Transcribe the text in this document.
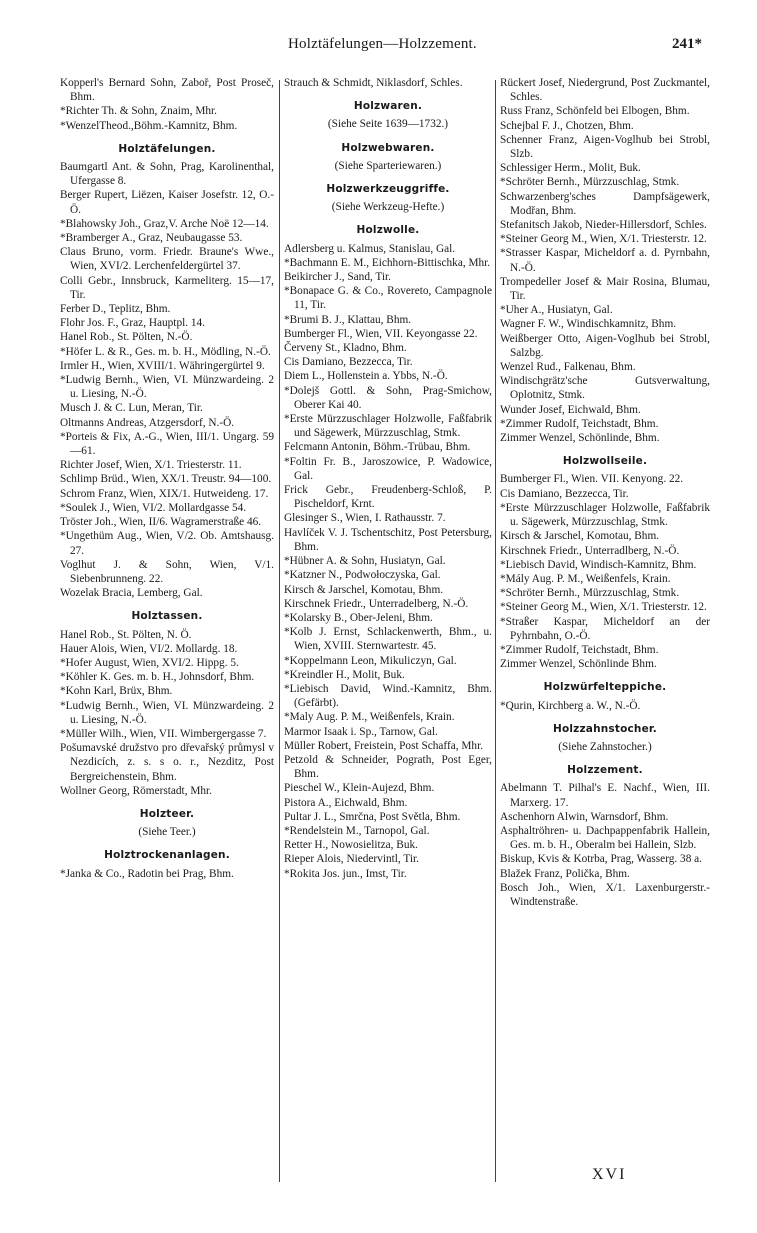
Holztäfelungen—Holzzement.	241*
Kopperl's Bernard Sohn, Zaboř, Post Proseč, Bhm.
*Richter Th. & Sohn, Znaim, Mhr.
*WenzelTheod.,Böhm.-Kamnitz, Bhm.
Holztäfelungen.
Baumgartl Ant. & Sohn, Prag, Karolinenthal, Ufergasse 8.
Berger Rupert, Liëzen, Kaiser Josefstr. 12, O.-Ö.
*Blahowsky Joh., Graz,V. Arche Noë 12—14.
*Bramberger A., Graz, Neubaugasse 53.
Claus Bruno, vorm. Friedr. Braune's Wwe., Wien, XVI/2. Lerchenfeldergürtel 37.
Colli Gebr., Innsbruck, Karmeliterg. 15—17, Tir.
Ferber D., Teplitz, Bhm.
Flohr Jos. F., Graz, Hauptpl. 14.
Hanel Rob., St. Pölten, N.-Ö.
*Höfer L. & R., Ges. m. b. H., Mödling, N.-Ö.
Irmler H., Wien, XVIII/1. Währingergürtel 9.
*Ludwig Bernh., Wien, VI. Münzwardeing. 2 u. Liesing, N.-Ö.
Musch J. & C. Lun, Meran, Tir.
Oltmanns Andreas, Atzgersdorf, N.-Ö.
*Porteis & Fix, A.-G., Wien, III/1. Ungarg. 59—61.
Richter Josef, Wien, X/1. Triesterstr. 11.
Schlimp Brüd., Wien, XX/1. Treustr. 94—100.
Schrom Franz, Wien, XIX/1. Hutweideng. 17.
*Soulek J., Wien, VI/2. Mollardgasse 54.
Tröster Joh., Wien, II/6. Wagramerstraße 46.
*Ungethüm Aug., Wien, V/2. Ob. Amtshausg. 27.
Voglhut J. & Sohn, Wien, V/1. Siebenbrunneng. 22.
Wozelak Bracia, Lemberg, Gal.
Holztassen.
Hanel Rob., St. Pölten, N. Ö.
Hauer Alois, Wien, VI/2. Mollardg. 18.
*Hofer August, Wien, XVI/2. Hippg. 5.
*Köhler K. Ges. m. b. H., Johnsdorf, Bhm.
*Kohn Karl, Brüx, Bhm.
*Ludwig Bernh., Wien, VI. Münzwardeing. 2 u. Liesing, N.-Ö.
*Müller Wilh., Wien, VII. Wimbergergasse 7.
Pošumavské družstvo pro dřevařský průmysl v Nezdicích, z. s. s o. r., Nezditz, Post Bergreichenstein, Bhm.
Wollner Georg, Römerstadt, Mhr.
Holzteer.
(Siehe Teer.)
Holztrockenanlagen.
*Janka & Co., Radotin bei Prag, Bhm.
Strauch & Schmidt, Niklasdorf, Schles.
Holzwaren.
(Siehe Seite 1639—1732.)
Holzwebwaren.
(Siehe Sparteriewaren.)
Holzwerkzeuggriffe.
(Siehe Werkzeug-Hefte.)
Holzwolle.
Adlersberg u. Kalmus, Stanislau, Gal.
*Bachmann E. M., Eichhorn-Bittischka, Mhr.
Beikircher J., Sand, Tir.
*Bonapace G. & Co., Rovereto, Campagnole 11, Tir.
*Brumi B. J., Klattau, Bhm.
Bumberger Fl., Wien, VII. Keyongasse 22.
Červeny St., Kladno, Bhm.
Cis Damiano, Bezzecca, Tir.
Diem L., Hollenstein a. Ybbs, N.-Ö.
*Dolejš Gottl. & Sohn, Prag-Smichow, Oberer Kai 40.
*Erste Mürzzuschlager Holzwolle, Faßfabrik und Sägewerk, Mürzzuschlag, Stmk.
Felcmann Antonin, Böhm.-Trübau, Bhm.
*Foltin Fr. B., Jaroszowice, P. Wadowice, Gal.
Frick Gebr., Freudenberg-Schloß, P. Pischeldorf, Krnt.
Glesinger S., Wien, I. Rathausstr. 7.
Havlíček V. J. Tschentschitz, Post Petersburg, Bhm.
*Hübner A. & Sohn, Husiatyn, Gal.
*Katzner N., Podwołoczyska, Gal.
Kirsch & Jarschel, Komotau, Bhm.
Kirschnek Friedr., Unterradelberg, N.-Ö.
*Kolarsky B., Ober-Jeleni, Bhm.
*Kolb J. Ernst, Schlackenwerth, Bhm., u. Wien, XVIII. Sternwartestr. 45.
*Koppelmann Leon, Mikuliczyn, Gal.
*Kreindler H., Molit, Buk.
*Liebisch David, Wind.-Kamnitz, Bhm. (Gefärbt).
*Maly Aug. P. M., Weißenfels, Krain.
Marmor Isaak i. Sp., Tarnow, Gal.
Müller Robert, Freistein, Post Schaffa, Mhr.
Petzold & Schneider, Pograth, Post Eger, Bhm.
Pieschel W., Klein-Aujezd, Bhm.
Pistora A., Eichwald, Bhm.
Pultar J. L., Smrčna, Post Světla, Bhm.
*Rendelstein M., Tarnopol, Gal.
Retter H., Nowosielitza, Buk.
Rieper Alois, Niedervintl, Tir.
*Rokita Jos. jun., Imst, Tir.
Rückert Josef, Niedergrund, Post Zuckmantel, Schles.
Russ Franz, Schönfeld bei Elbogen, Bhm.
Schejbal F. J., Chotzen, Bhm.
Schenner Franz, Aigen-Voglhub bei Strobl, Slzb.
Schlessiger Herm., Molit, Buk.
*Schröter Bernh., Mürzzuschlag, Stmk.
Schwarzenberg'sches Dampfsägewerk, Modřan, Bhm.
Stefanitsch Jakob, Nieder-Hillersdorf, Schles.
*Steiner Georg M., Wien, X/1. Triesterstr. 12.
*Strasser Kaspar, Micheldorf a. d. Pyrnbahn, N.-Ö.
Trompedeller Josef & Mair Rosina, Blumau, Tir.
*Uher A., Husiatyn, Gal.
Wagner F. W., Windischkamnitz, Bhm.
Weißberger Otto, Aigen-Voglhub bei Strobl, Salzbg.
Wenzel Rud., Falkenau, Bhm.
Windischgrätz'sche Gutsverwaltung, Oplotnitz, Stmk.
Wunder Josef, Eichwald, Bhm.
*Zimmer Rudolf, Teichstadt, Bhm.
Zimmer Wenzel, Schönlinde, Bhm.
Holzwollseile.
Bumberger Fl., Wien. VII. Kenyong. 22.
Cis Damiano, Bezzecca, Tir.
*Erste Mürzzuschlager Holzwolle, Faßfabrik u. Sägewerk, Mürzzuschlag, Stmk.
Kirsch & Jarschel, Komotau, Bhm.
Kirschnek Friedr., Unterradlberg, N.-Ö.
*Liebisch David, Windisch-Kamnitz, Bhm.
*Mály Aug. P. M., Weißenfels, Krain.
*Schröter Bernh., Mürzzuschlag, Stmk.
*Steiner Georg M., Wien, X/1. Triesterstr. 12.
*Straßer Kaspar, Micheldorf an der Pyhrnbahn, O.-Ö.
*Zimmer Rudolf, Teichstadt, Bhm.
Zimmer Wenzel, Schönlinde Bhm.
Holzwürfelteppiche.
*Qurin, Kirchberg a. W., N.-Ö.
Holzzahnstocher.
(Siehe Zahnstocher.)
Holzzement.
Abelmann T. Pilhal's E. Nachf., Wien, III. Marxerg. 17.
Aschenhorn Alwin, Warnsdorf, Bhm.
Asphaltröhren- u. Dachpappenfabrik Hallein, Ges. m. b. H., Oberalm bei Hallein, Slzb.
Biskup, Kvis & Kotrba, Prag, Wasserg. 38 a.
Blažek Franz, Polička, Bhm.
Bosch Joh., Wien, X/1. Laxenburgerstr.-Windtenstraße.
XVI
